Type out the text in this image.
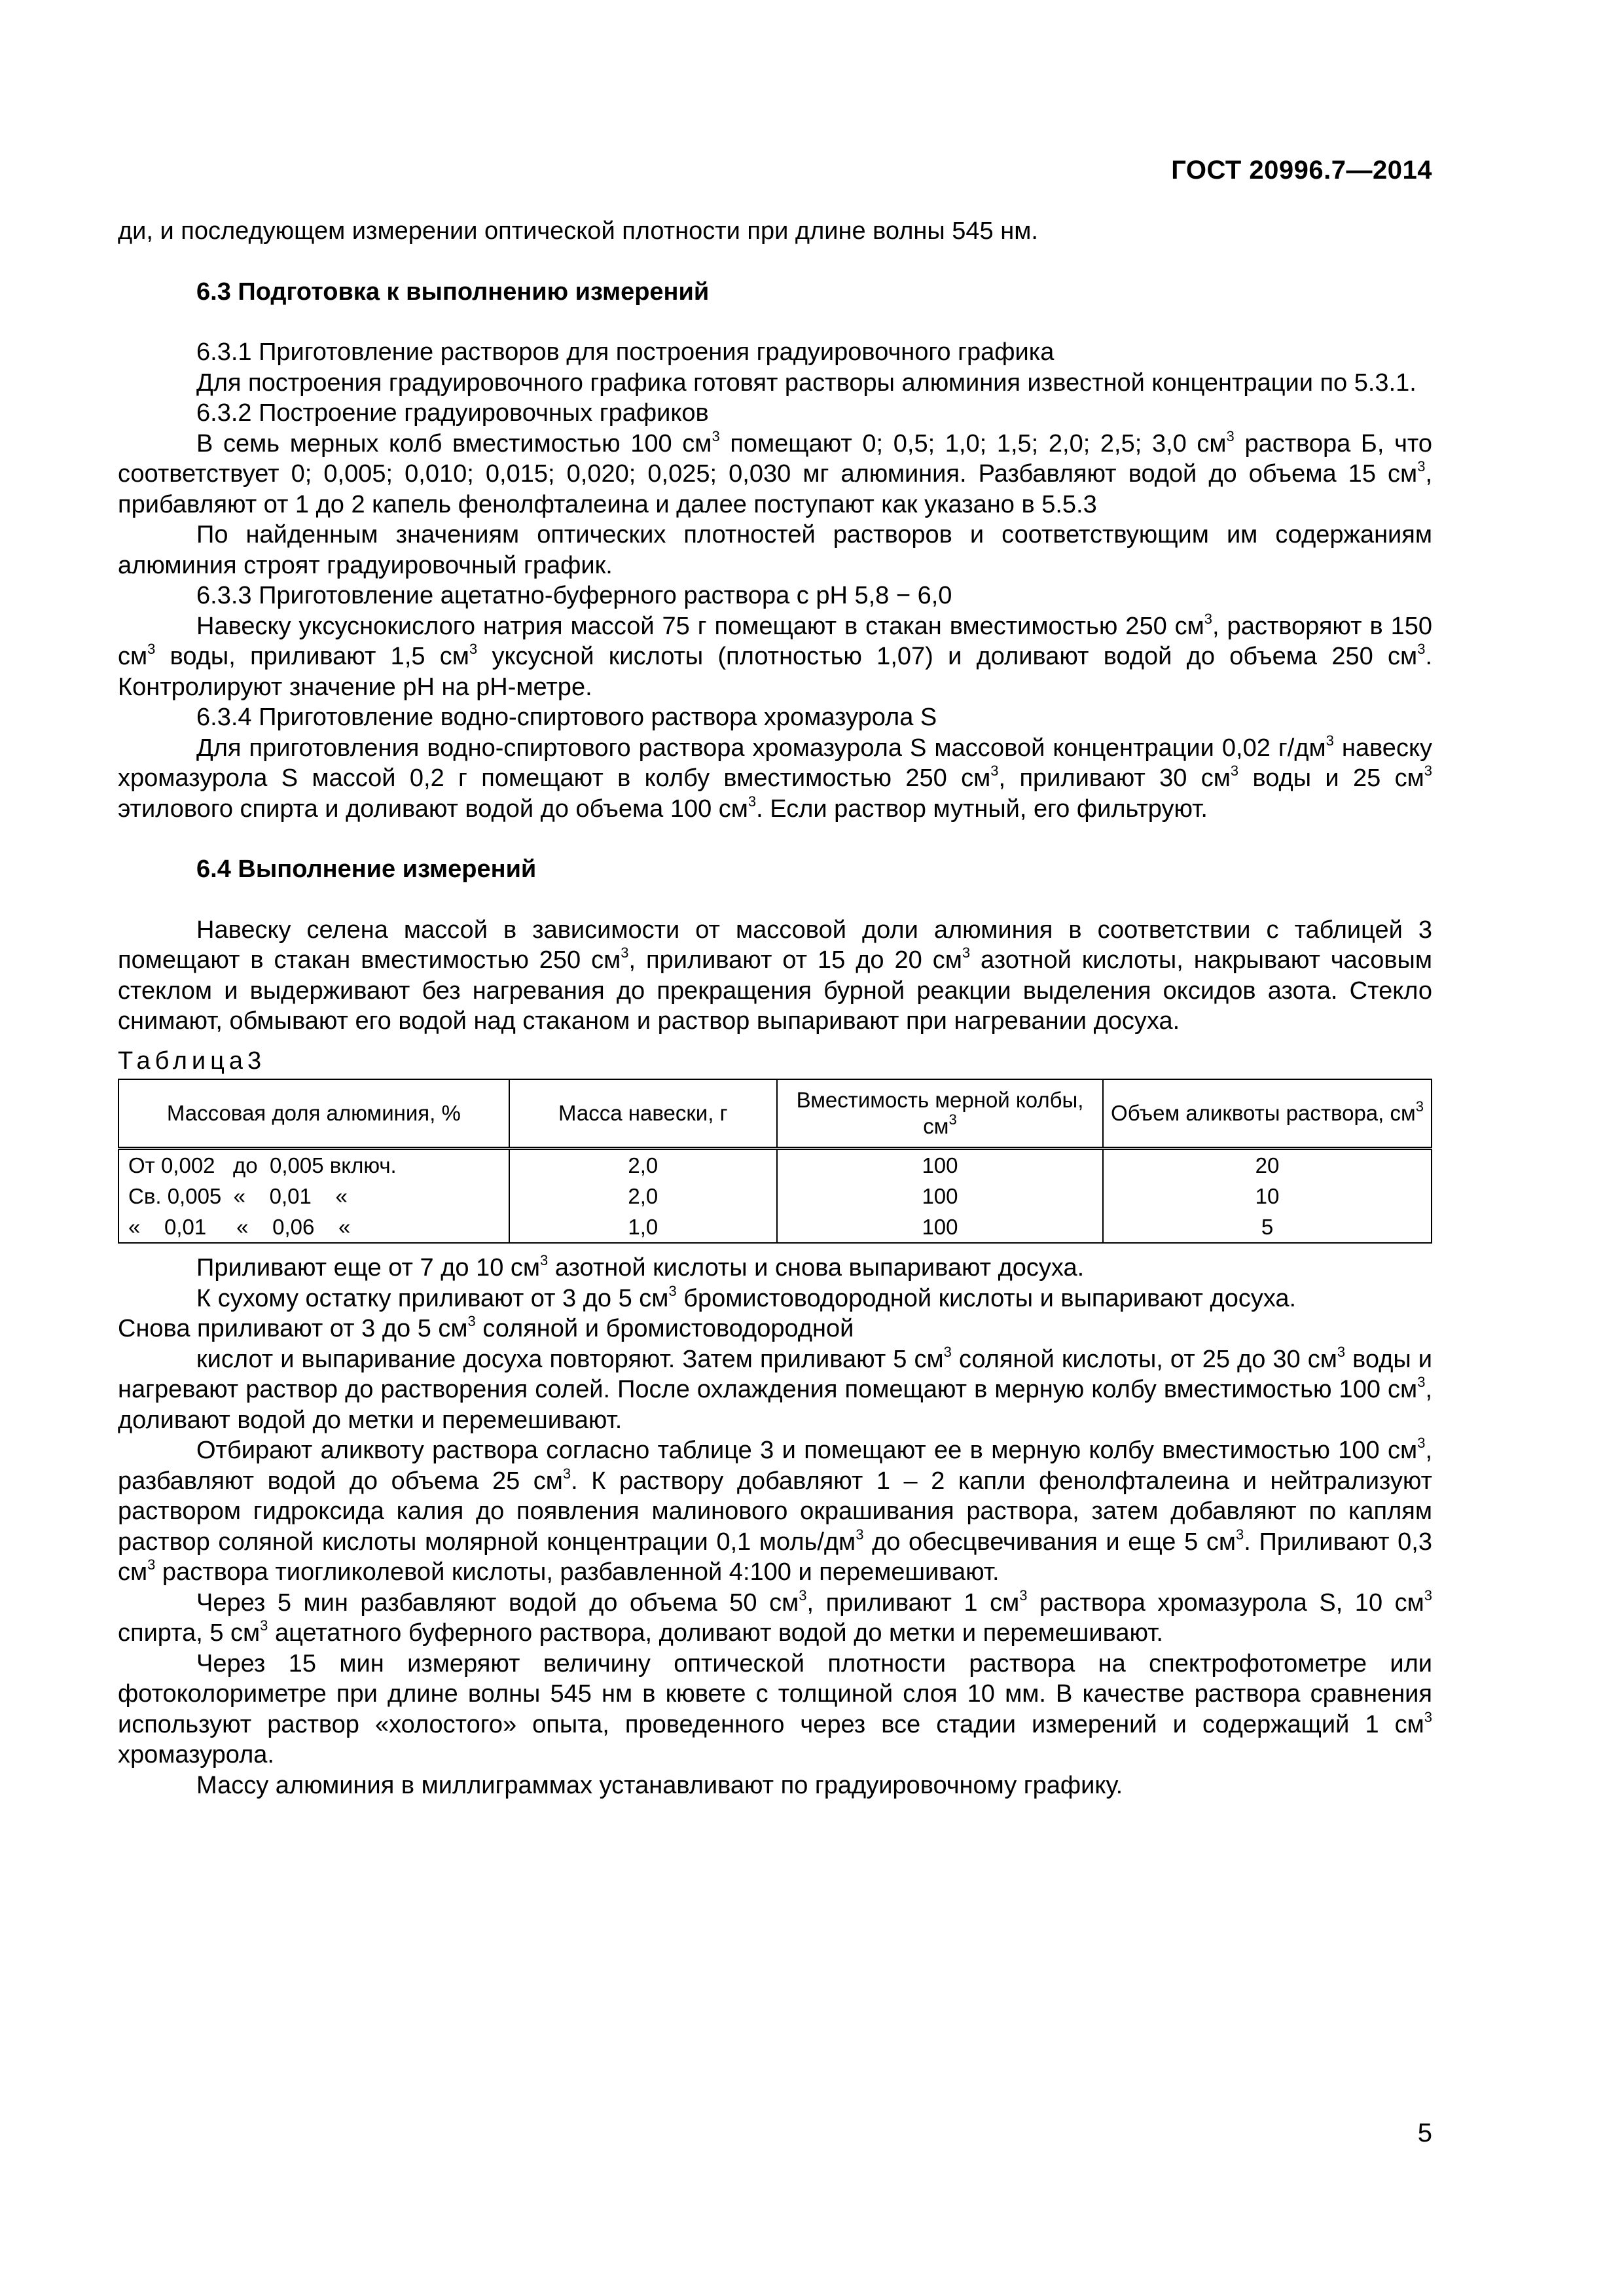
ГОСТ 20996.7—2014

ди, и последующем измерении оптической плотности при длине волны 545 нм.

6.3 Подготовка к выполнению измерений

6.3.1 Приготовление растворов для построения градуировочного графика

Для построения градуировочного графика готовят растворы алюминия известной концентрации по 5.3.1.

6.3.2 Построение градуировочных графиков

В семь мерных колб вместимостью 100 $см^3$ помещают 0; 0,5; 1,0; 1,5; 2,0; 2,5; 3,0 $см^3$ раствора Б, что соответствует 0; 0,005; 0,010; 0,015; 0,020; 0,025; 0,030 мг алюминия. Разбавляют водой до объема 15 $см^3$, прибавляют от 1 до 2 капель фенолфталеина и далее поступают как указано в 5.5.3

По найденным значениям оптических плотностей растворов и соответствующим им содержаниям алюминия строят градуировочный график.

6.3.3 Приготовление ацетатно-буферного раствора с рН 5,8 − 6,0

Навеску уксуснокислого натрия массой 75 г помещают в стакан вместимостью 250 $см^3$, растворяют в 150 $см^3$ воды, приливают 1,5 $см^3$ уксусной кислоты (плотностью 1,07) и доливают водой до объема 250 $см^3$. Контролируют значение рН на рН-метре.

6.3.4 Приготовление водно-спиртового раствора хромазурола S

Для приготовления водно-спиртового раствора хромазурола S массовой концентрации 0,02 $г/дм^3$ навеску хромазурола S массой 0,2 г помещают в колбу вместимостью 250 $см^3$, приливают 30 $см^3$ воды и 25 $см^3$ этилового спирта и доливают водой до объема 100 $см^3$. Если раствор мутный, его фильтруют.

6.4 Выполнение измерений

Навеску селена массой в зависимости от массовой доли алюминия в соответствии с таблицей 3 помещают в стакан вместимостью 250 $см^3$, приливают от 15 до 20 $см^3$ азотной кислоты, накрывают часовым стеклом и выдерживают без нагревания до прекращения бурной реакции выделения оксидов азота. Стекло снимают, обмывают его водой над стаканом и раствор выпаривают при нагревании досуха.

Таблица3

Массовая доля алюминия, %	Масса навески, г	Вместимость мерной колбы, $см^3$	Объем аликвоты раствора, $см^3$
От 0,002   до  0,005 включ.	2,0	100	20
Св. 0,005  «    0,01    «	2,0	100	10
«    0,01     «    0,06    «	1,0	100	5

Приливают еще от 7 до 10 $см^3$ азотной кислоты и снова выпаривают досуха.

К сухому остатку приливают от 3 до 5 $см^3$ бромистоводородной кислоты и выпаривают досуха.

Снова приливают от 3 до 5 $см^3$ соляной и бромистоводородной

кислот и выпаривание досуха повторяют. Затем приливают 5 $см^3$ соляной кислоты, от 25 до 30 $см^3$ воды и нагревают раствор до растворения солей. После охлаждения помещают в мерную колбу вместимостью 100 $см^3$, доливают водой до метки и перемешивают.

Отбирают аликвоту раствора согласно таблице 3 и помещают ее в мерную колбу вместимостью 100 $см^3$, разбавляют водой до объема 25 $см^3$. К раствору добавляют 1 – 2 капли фенолфталеина и нейтрализуют раствором гидроксида калия до появления малинового окрашивания раствора, затем добавляют по каплям раствор соляной кислоты молярной концентрации 0,1 моль/$дм^3$ до обесцвечивания и еще 5 $см^3$. Приливают 0,3 $см^3$ раствора тиогликолевой кислоты, разбавленной 4:100 и перемешивают.

Через 5 мин разбавляют водой до объема 50 $см^3$, приливают 1 $см^3$ раствора хромазурола S, 10 $см^3$ спирта, 5 $см^3$ ацетатного буферного раствора, доливают водой до метки и перемешивают.

Через 15 мин измеряют величину оптической плотности раствора на спектрофотометре или фотоколориметре при длине волны 545 нм в кювете с толщиной слоя 10 мм. В качестве раствора сравнения используют раствор «холостого» опыта, проведенного через все стадии измерений и содержащий 1 $см^3$ хромазурола.

Массу алюминия в миллиграммах устанавливают по градуировочному графику.

5
